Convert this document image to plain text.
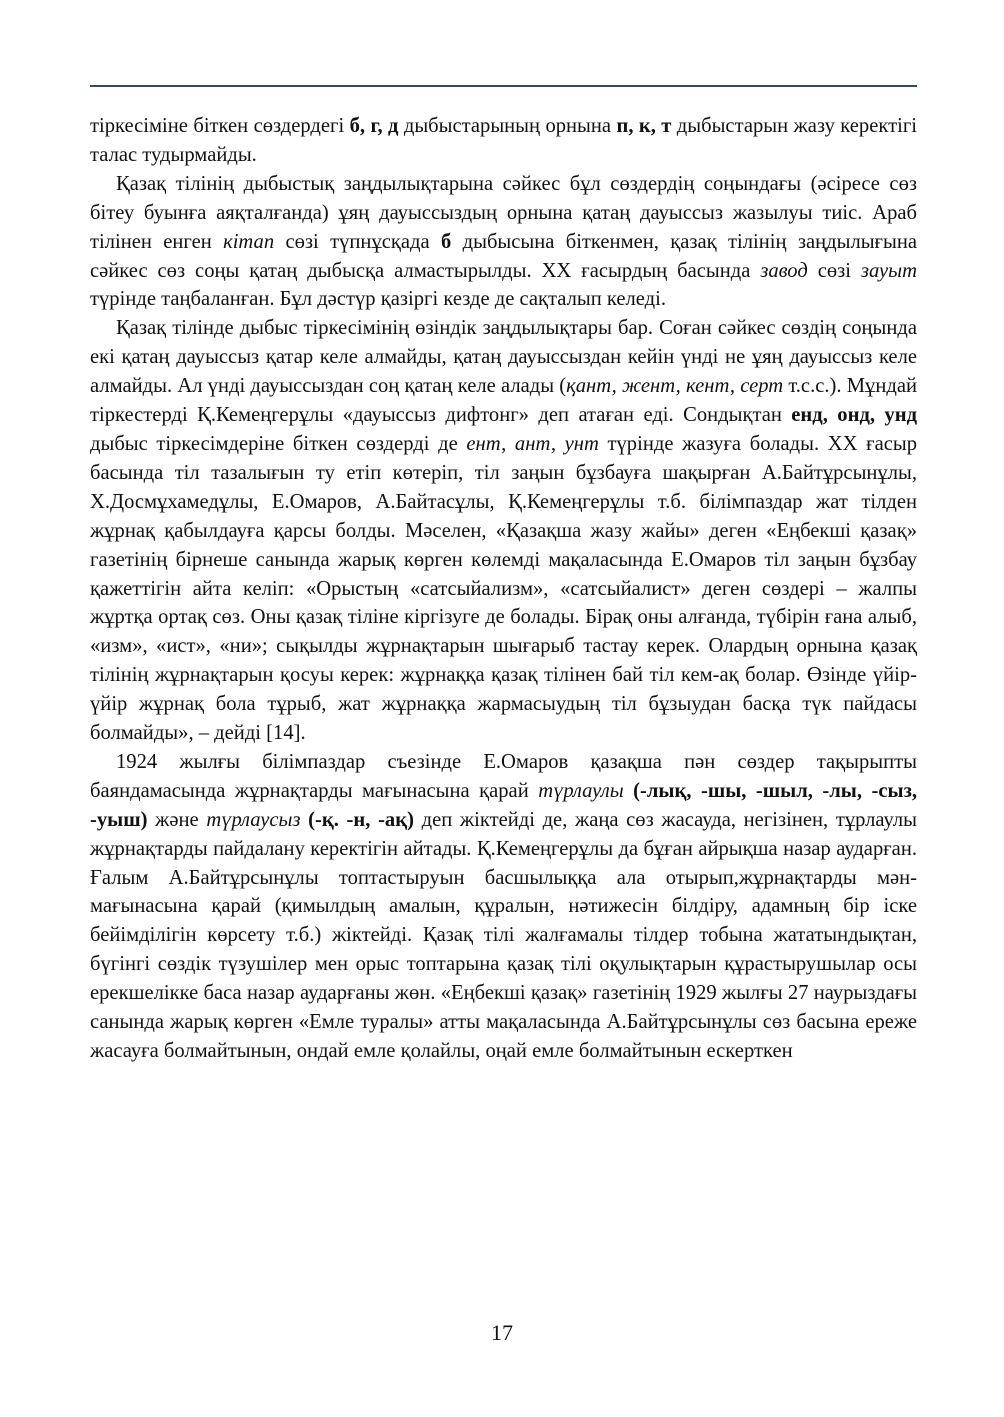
тіркесіміне біткен сөздердегі б, г, д дыбыстарының орнына п, к, т дыбыстарын жазу керектігі талас тудырмайды.

Қазақ тілінің дыбыстық заңдылықтарына сәйкес бұл сөздердің соңындағы (әсіресе сөз бітеу буынға аяқталғанда) ұяң дауыссыздың орнына қатаң дауыссыз жазылуы тиіс. Араб тілінен енген кітап сөзі түпнұсқада б дыбысына біткенмен, қазақ тілінің заңдылығына сәйкес сөз соңы қатаң дыбысқа алмастырылды. ХХ ғасырдың басында завод сөзі зауыт түрінде таңбаланған. Бұл дәстүр қазіргі кезде де сақталып келеді.

Қазақ тілінде дыбыс тіркесімінің өзіндік заңдылықтары бар. Соған сәйкес сөздің соңында екі қатаң дауыссыз қатар келе алмайды, қатаң дауыссыздан кейін үнді не ұяң дауыссыз келе алмайды. Ал үнді дауыссыздан соң қатаң келе алады (қант, жент, кент, серт т.с.с.). Мұндай тіркестерді Қ.Кемеңгерұлы «дауыссыз дифтонг» деп атаған еді. Сондықтан енд, онд, унд дыбыс тіркесімдеріне біткен сөздерді де ент, ант, унт түрінде жазуға болады. ХХ ғасыр басында тіл тазалығын ту етіп көтеріп, тіл заңын бұзбауға шақырған А.Байтұрсынұлы, Х.Досмұхамедұлы, Е.Омаров, А.Байтасұлы, Қ.Кемеңгерұлы т.б. білімпаздар жат тілден жұрнақ қабылдауға қарсы болды. Мәселен, «Қазақша жазу жайы» деген «Еңбекші қазақ» газетінің бірнеше санында жарық көрген көлемді мақаласында Е.Омаров тіл заңын бұзбау қажеттігін айта келіп: «Орыстың «сатсыйализм», «сатсыйалист» деген сөздері – жалпы жұртқа ортақ сөз. Оны қазақ тіліне кіргізуге де болады. Бірақ оны алғанда, түбірін ғана алыб, «изм», «ист», «ни»; сықылды жұрнақтарын шығарыб тастау керек. Олардың орнына қазақ тілінің жұрнақтарын қосуы керек: жұрнаққа қазақ тілінен бай тіл кем-ақ болар. Өзінде үйір-үйір жұрнақ бола тұрыб, жат жұрнаққа жармасыудың тіл бұзыудан басқа түк пайдасы болмайды», – дейді [14].

1924 жылғы білімпаздар съезінде Е.Омаров қазақша пән сөздер тақырыпты баяндамасында жұрнақтарды мағынасына қарай түрлаулы (-лық, -шы, -шыл, -лы, -сыз, -уыш) және түрлаусыз (-қ. -н, -ақ) деп жіктейді де, жаңа сөз жасауда, негізінен, тұрлаулы жұрнақтарды пайдалану керектігін айтады. Қ.Кемеңгерұлы да бұған айрықша назар аударған. Ғалым А.Байтұрсынұлы топтастыруын басшылыққа ала отырып,жұрнақтарды мән-мағынасына қарай (қимылдың амалын, құралын, нәтижесін білдіру, адамның бір іске бейімділігін көрсету т.б.) жіктейді. Қазақ тілі жалғамалы тілдер тобына жататындықтан, бүгінгі сөздік түзушілер мен орыс топтарына қазақ тілі оқулықтарын құрастырушылар осы ерекшелікке баса назар аударғаны жөн. «Еңбекші қазақ» газетінің 1929 жылғы 27 наурыздағы санында жарық көрген «Емле туралы» атты мақаласында А.Байтұрсынұлы сөз басына ереже жасауға болмайтынын, ондай емле қолайлы, оңай емле болмайтынын ескерткен

17
